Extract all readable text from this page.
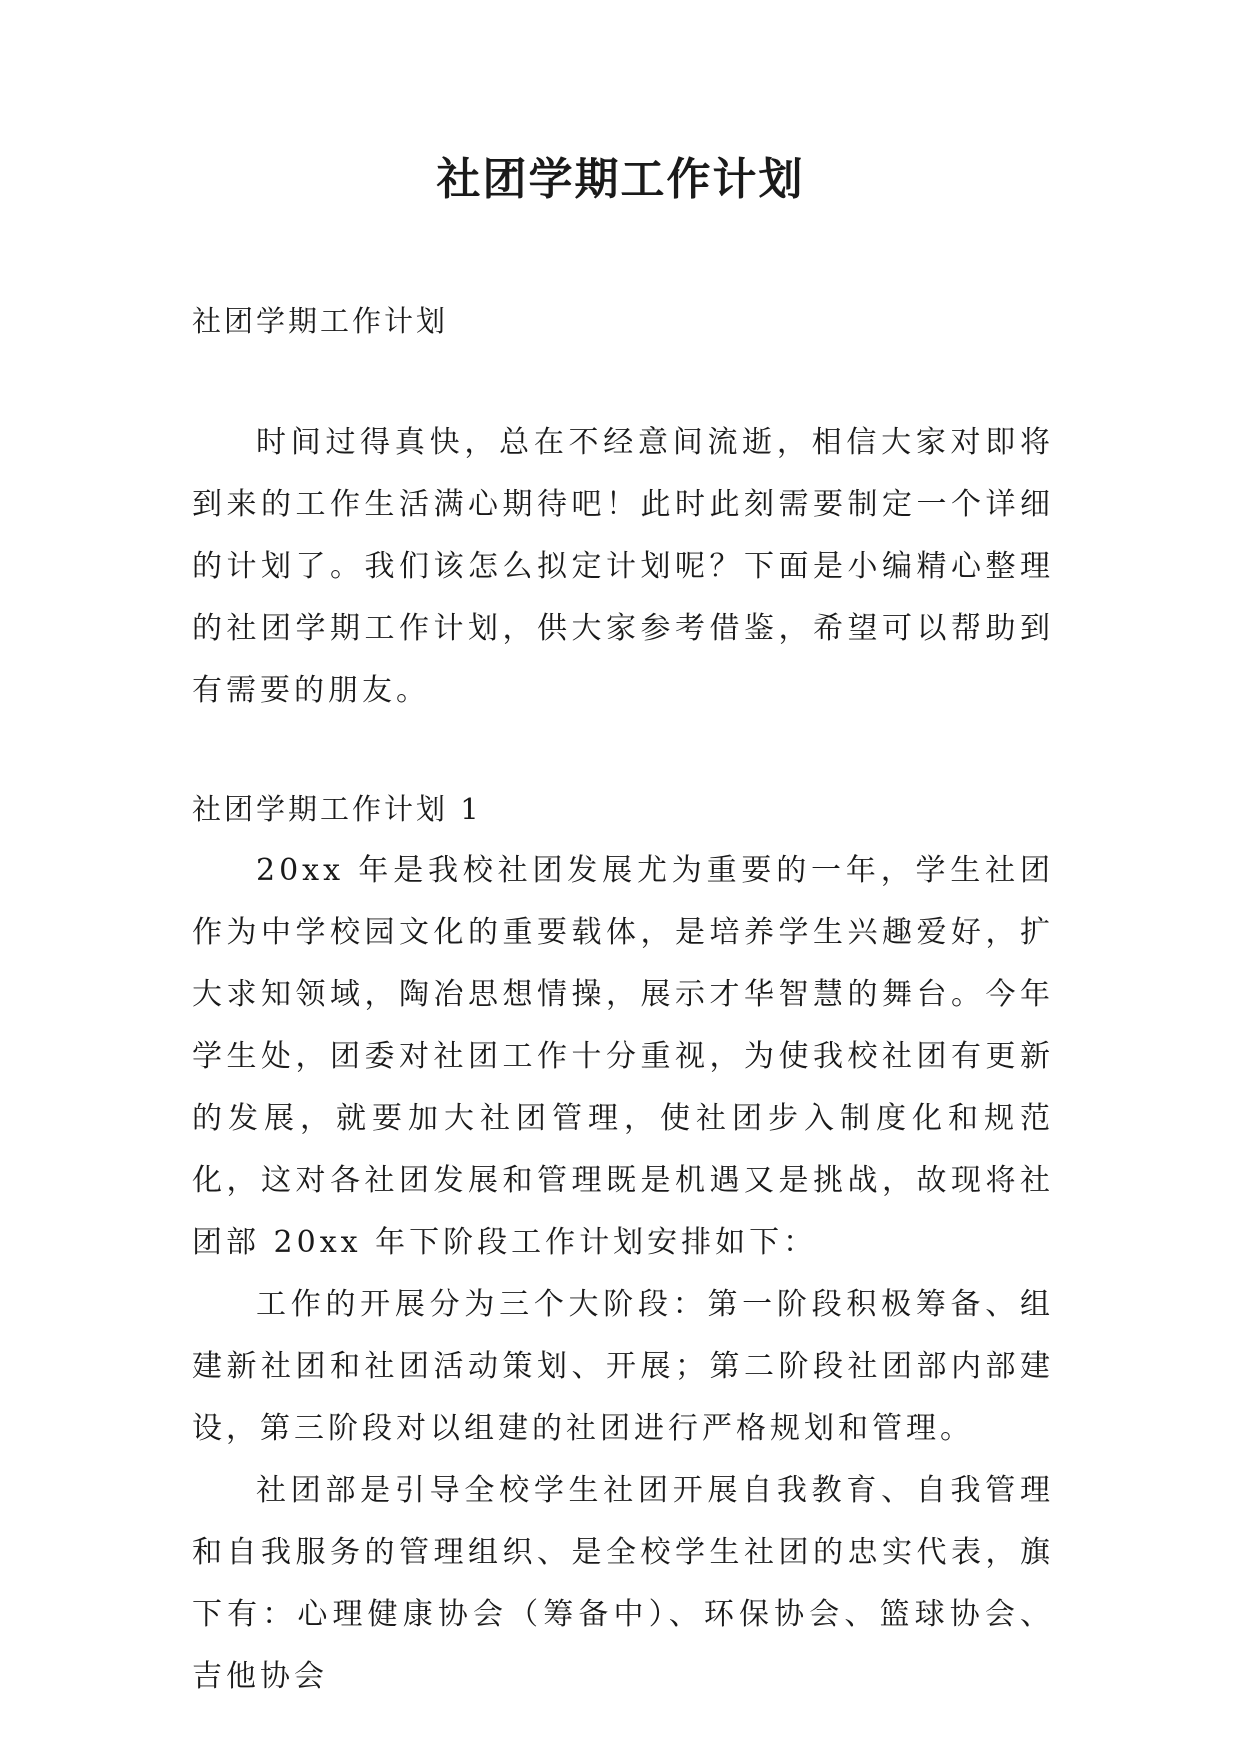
社团学期工作计划

社团学期工作计划

时间过得真快，总在不经意间流逝，相信大家对即将到来的工作生活满心期待吧！此时此刻需要制定一个详细的计划了。我们该怎么拟定计划呢？下面是小编精心整理的社团学期工作计划，供大家参考借鉴，希望可以帮助到有需要的朋友。

社团学期工作计划 1

20xx 年是我校社团发展尤为重要的一年，学生社团作为中学校园文化的重要载体，是培养学生兴趣爱好，扩大求知领域，陶冶思想情操，展示才华智慧的舞台。今年学生处，团委对社团工作十分重视，为使我校社团有更新的发展，就要加大社团管理，使社团步入制度化和规范化，这对各社团发展和管理既是机遇又是挑战，故现将社团部 20xx 年下阶段工作计划安排如下：

工作的开展分为三个大阶段：第一阶段积极筹备、组建新社团和社团活动策划、开展；第二阶段社团部内部建设，第三阶段对以组建的社团进行严格规划和管理。

社团部是引导全校学生社团开展自我教育、自我管理和自我服务的管理组织、是全校学生社团的忠实代表，旗下有：心理健康协会（筹备中）、环保协会、篮球协会、吉他协会
